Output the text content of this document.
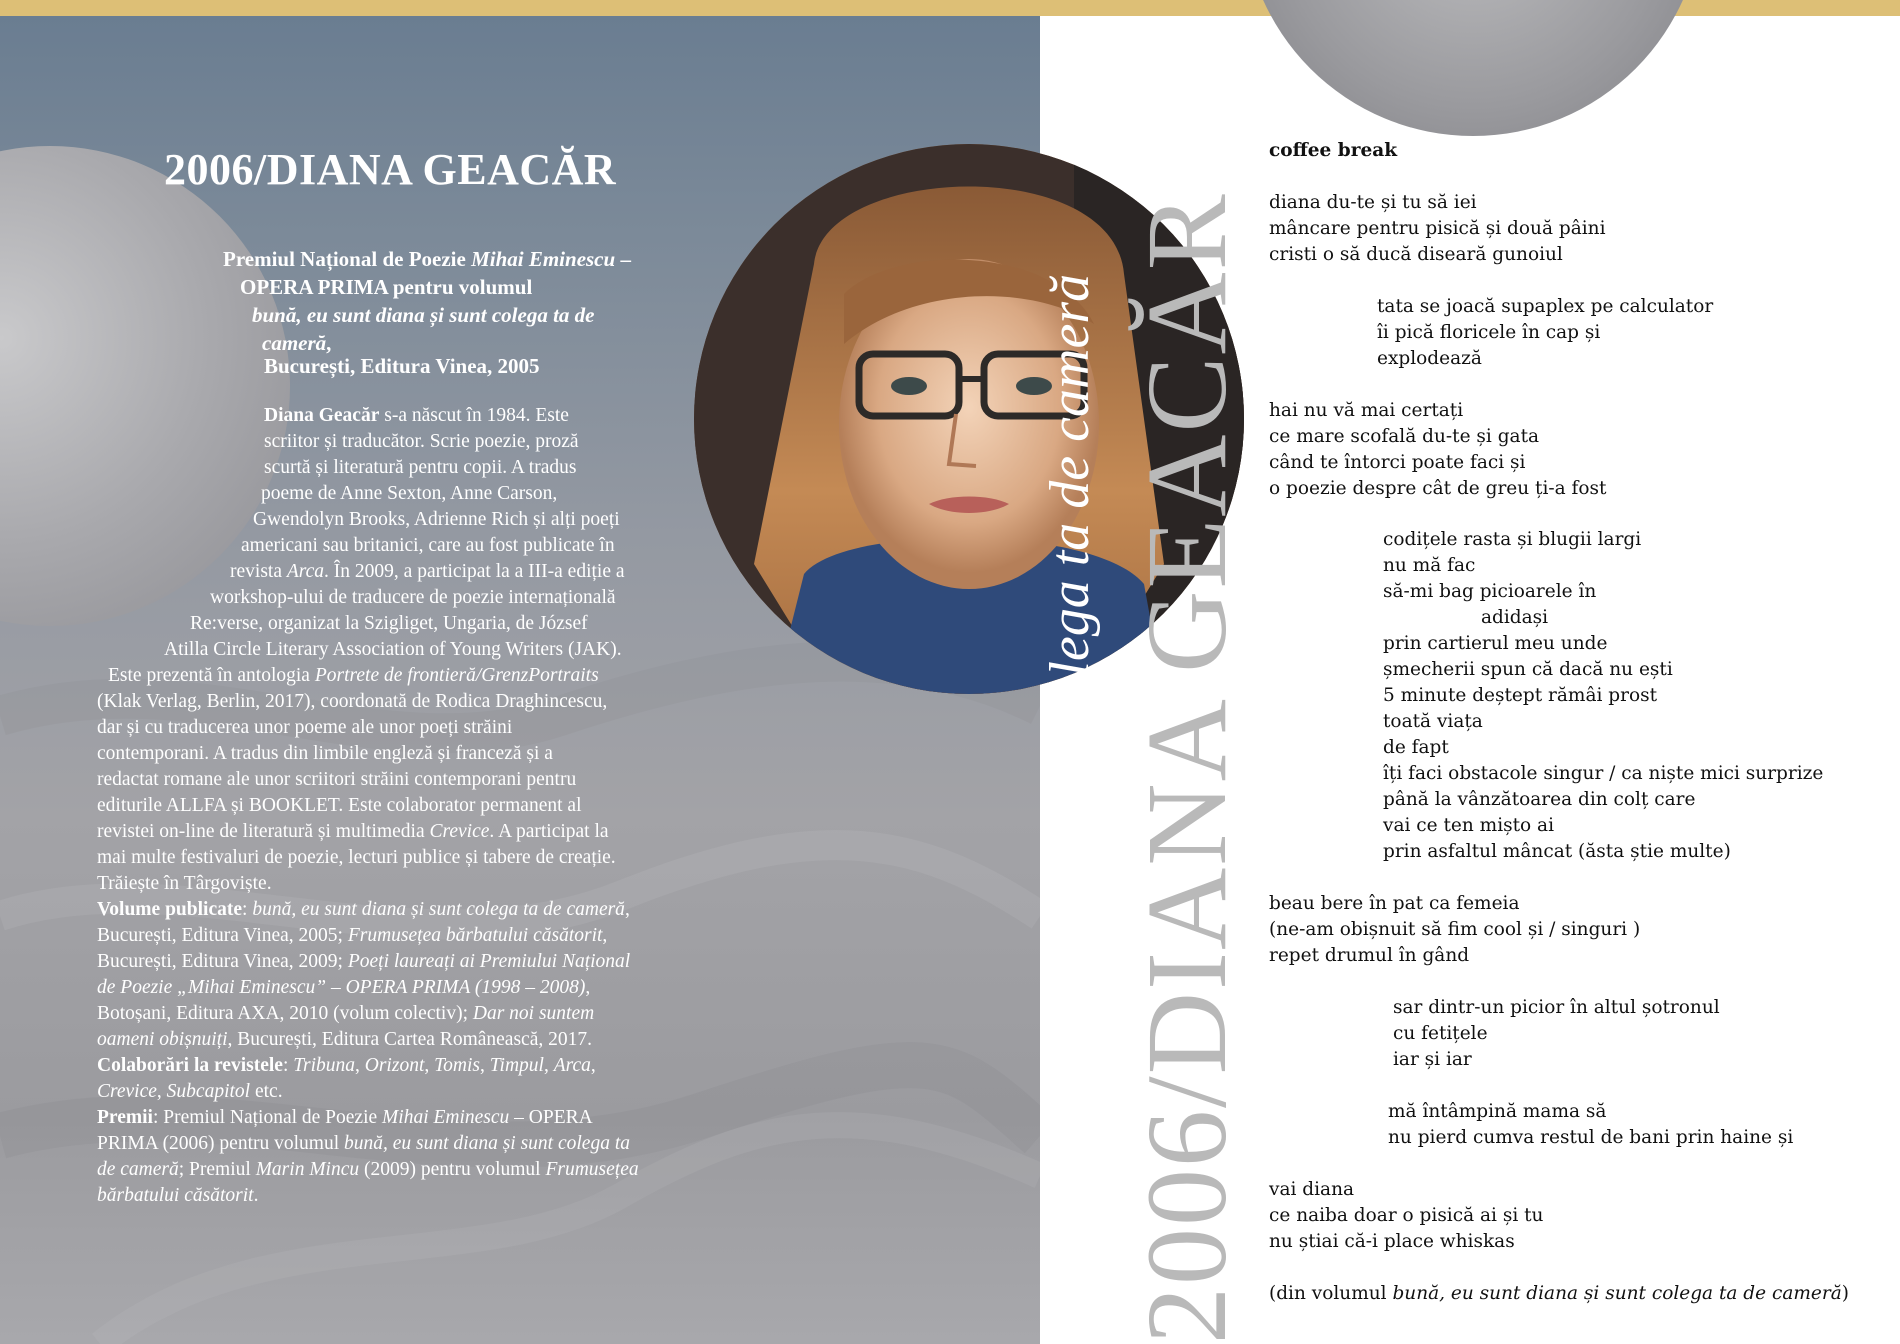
2006/DIANA GEACĂR
Premiul Național de Poezie Mihai Eminescu –
OPERA PRIMA pentru volumul
bună, eu sunt diana și sunt colega ta de
cameră,
București, Editura Vinea, 2005
Diana Geacăr s-a născut în 1984. Este
scriitor și traducător. Scrie poezie, proză
scurtă și literatură pentru copii. A tradus
poeme de Anne Sexton, Anne Carson,
Gwendolyn Brooks, Adrienne Rich și alți poeți
americani sau britanici, care au fost publicate în
revista Arca. În 2009, a participat la a III-a ediție a
workshop-ului de traducere de poezie internațională
Re:verse, organizat la Szigliget, Ungaria, de József
Atilla Circle Literary Association of Young Writers (JAK).
Este prezentă în antologia Portrete de frontieră/GrenzPortraits
(Klak Verlag, Berlin, 2017), coordonată de Rodica Draghincescu,
dar și cu traducerea unor poeme ale unor poeți străini
contemporani. A tradus din limbile engleză și franceză și a
redactat romane ale unor scriitori străini contemporani pentru
editurile ALLFA și BOOKLET. Este colaborator permanent al
revistei on-line de literatură și multimedia Crevice. A participat la
mai multe festivaluri de poezie, lecturi publice și tabere de creație.
Trăiește în Târgoviște.
Volume publicate: bună, eu sunt diana și sunt colega ta de cameră,
București, Editura Vinea, 2005; Frumusețea bărbatului căsătorit,
București, Editura Vinea, 2009; Poeți laureați ai Premiului Național
de Poezie „Mihai Eminescu” – OPERA PRIMA (1998 – 2008),
Botoșani, Editura AXA, 2010 (volum colectiv); Dar noi suntem
oameni obișnuiți, București, Editura Cartea Românească, 2017.
Colaborări la revistele: Tribuna, Orizont, Tomis, Timpul, Arca,
Crevice, Subcapitol etc.
Premii: Premiul Național de Poezie Mihai Eminescu – OPERA
PRIMA (2006) pentru volumul bună, eu sunt diana și sunt colega ta
de cameră; Premiul Marin Mincu (2009) pentru volumul Frumusețea
bărbatului căsătorit.	2006/DIANA GEACĂR
bună, eu sunt diana și sunt colega ta de cameră
coffee break
diana du-te și tu să iei
mâncare pentru pisică și două pâini
cristi o să ducă diseară gunoiul
tata se joacă supaplex pe calculator
îi pică floricele în cap și
explodează
hai nu vă mai certați
ce mare scofală du-te și gata
când te întorci poate faci și
o poezie despre cât de greu ți-a fost
codițele rasta și blugii largi
nu mă fac
să-mi bag picioarele în
adidași
prin cartierul meu unde
șmecherii spun că dacă nu ești
5 minute deștept rămâi prost
toată viața
de fapt
îți faci obstacole singur / ca niște mici surprize
până la vânzătoarea din colț care
vai ce ten mișto ai
prin asfaltul mâncat (ăsta știe multe)
beau bere în pat ca femeia
(ne-am obișnuit să fim cool și / singuri )
repet drumul în gând
sar dintr-un picior în altul șotronul
cu fetițele
iar și iar
mă întâmpină mama să
nu pierd cumva restul de bani prin haine și
vai diana
ce naiba doar o pisică ai și tu
nu știai că-i place whiskas
(din volumul bună, eu sunt diana și sunt colega ta de cameră)
